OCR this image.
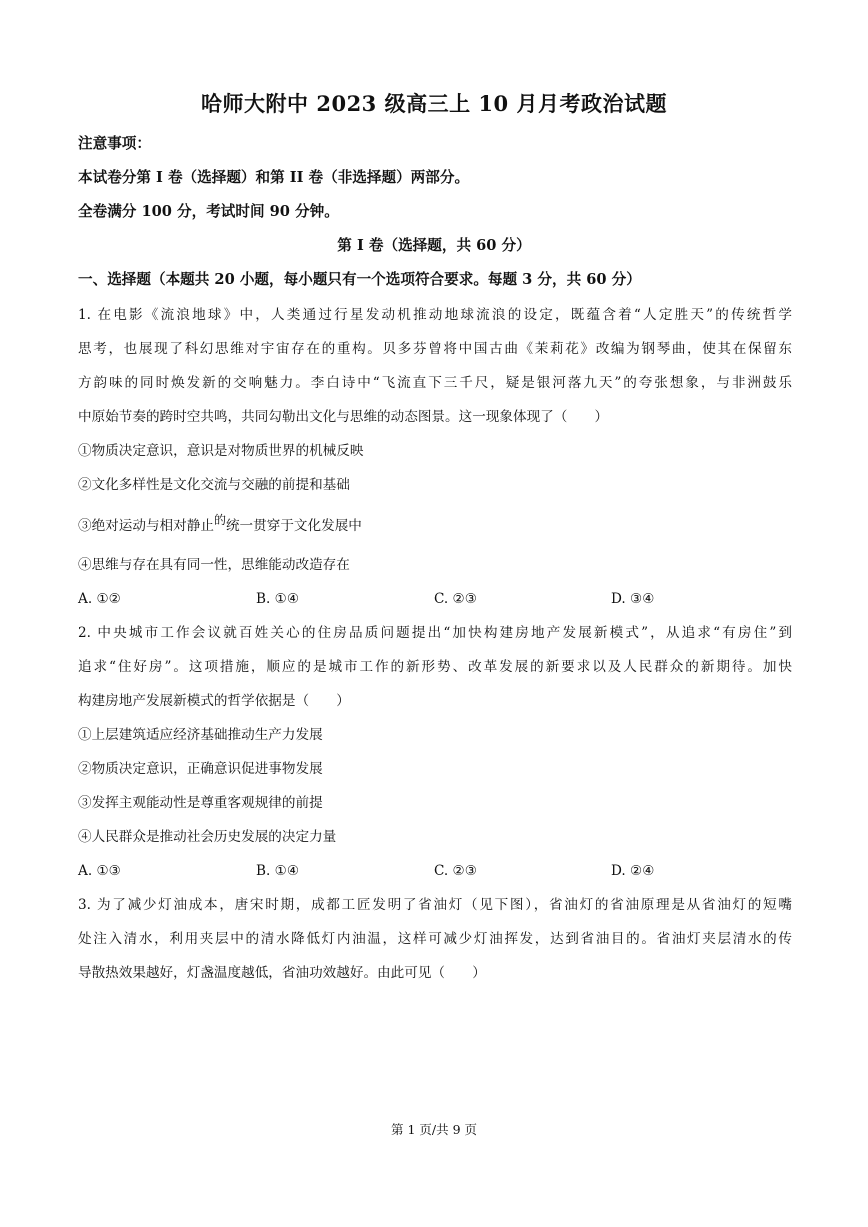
哈师大附中 2023 级高三上 10 月月考政治试题
注意事项：
本试卷分第 I 卷（选择题）和第 II 卷（非选择题）两部分。
全卷满分 100 分，考试时间 90 分钟。
第 I 卷（选择题，共 60 分）
一、选择题（本题共 20 小题，每小题只有一个选项符合要求。每题 3 分，共 60 分）
1. 在电影《流浪地球》中，人类通过行星发动机推动地球流浪的设定，既蕴含着“人定胜天”的传统哲学
思考，也展现了科幻思维对宇宙存在的重构。贝多芬曾将中国古曲《茉莉花》改编为钢琴曲，使其在保留东
方韵味的同时焕发新的交响魅力。李白诗中“飞流直下三千尺，疑是银河落九天”的夸张想象，与非洲鼓乐
中原始节奏的跨时空共鸣，共同勾勒出文化与思维的动态图景。这一现象体现了（　　）
①物质决定意识，意识是对物质世界的机械反映
②文化多样性是文化交流与交融的前提和基础
③绝对运动与相对静止的统一贯穿于文化发展中
④思维与存在具有同一性，思维能动改造存在
A. ①②	B. ①④	C. ②③	D. ③④
2. 中央城市工作会议就百姓关心的住房品质问题提出“加快构建房地产发展新模式”，从追求“有房住”到
追求“住好房”。这项措施，顺应的是城市工作的新形势、改革发展的新要求以及人民群众的新期待。加快
构建房地产发展新模式的哲学依据是（　　）
①上层建筑适应经济基础推动生产力发展
②物质决定意识，正确意识促进事物发展
③发挥主观能动性是尊重客观规律的前提
④人民群众是推动社会历史发展的决定力量
A. ①③	B. ①④	C. ②③	D. ②④
3. 为了减少灯油成本，唐宋时期，成都工匠发明了省油灯（见下图），省油灯的省油原理是从省油灯的短嘴
处注入清水，利用夹层中的清水降低灯内油温，这样可减少灯油挥发，达到省油目的。省油灯夹层清水的传
导散热效果越好，灯盏温度越低，省油功效越好。由此可见（　　）
第 1 页/共 9 页
